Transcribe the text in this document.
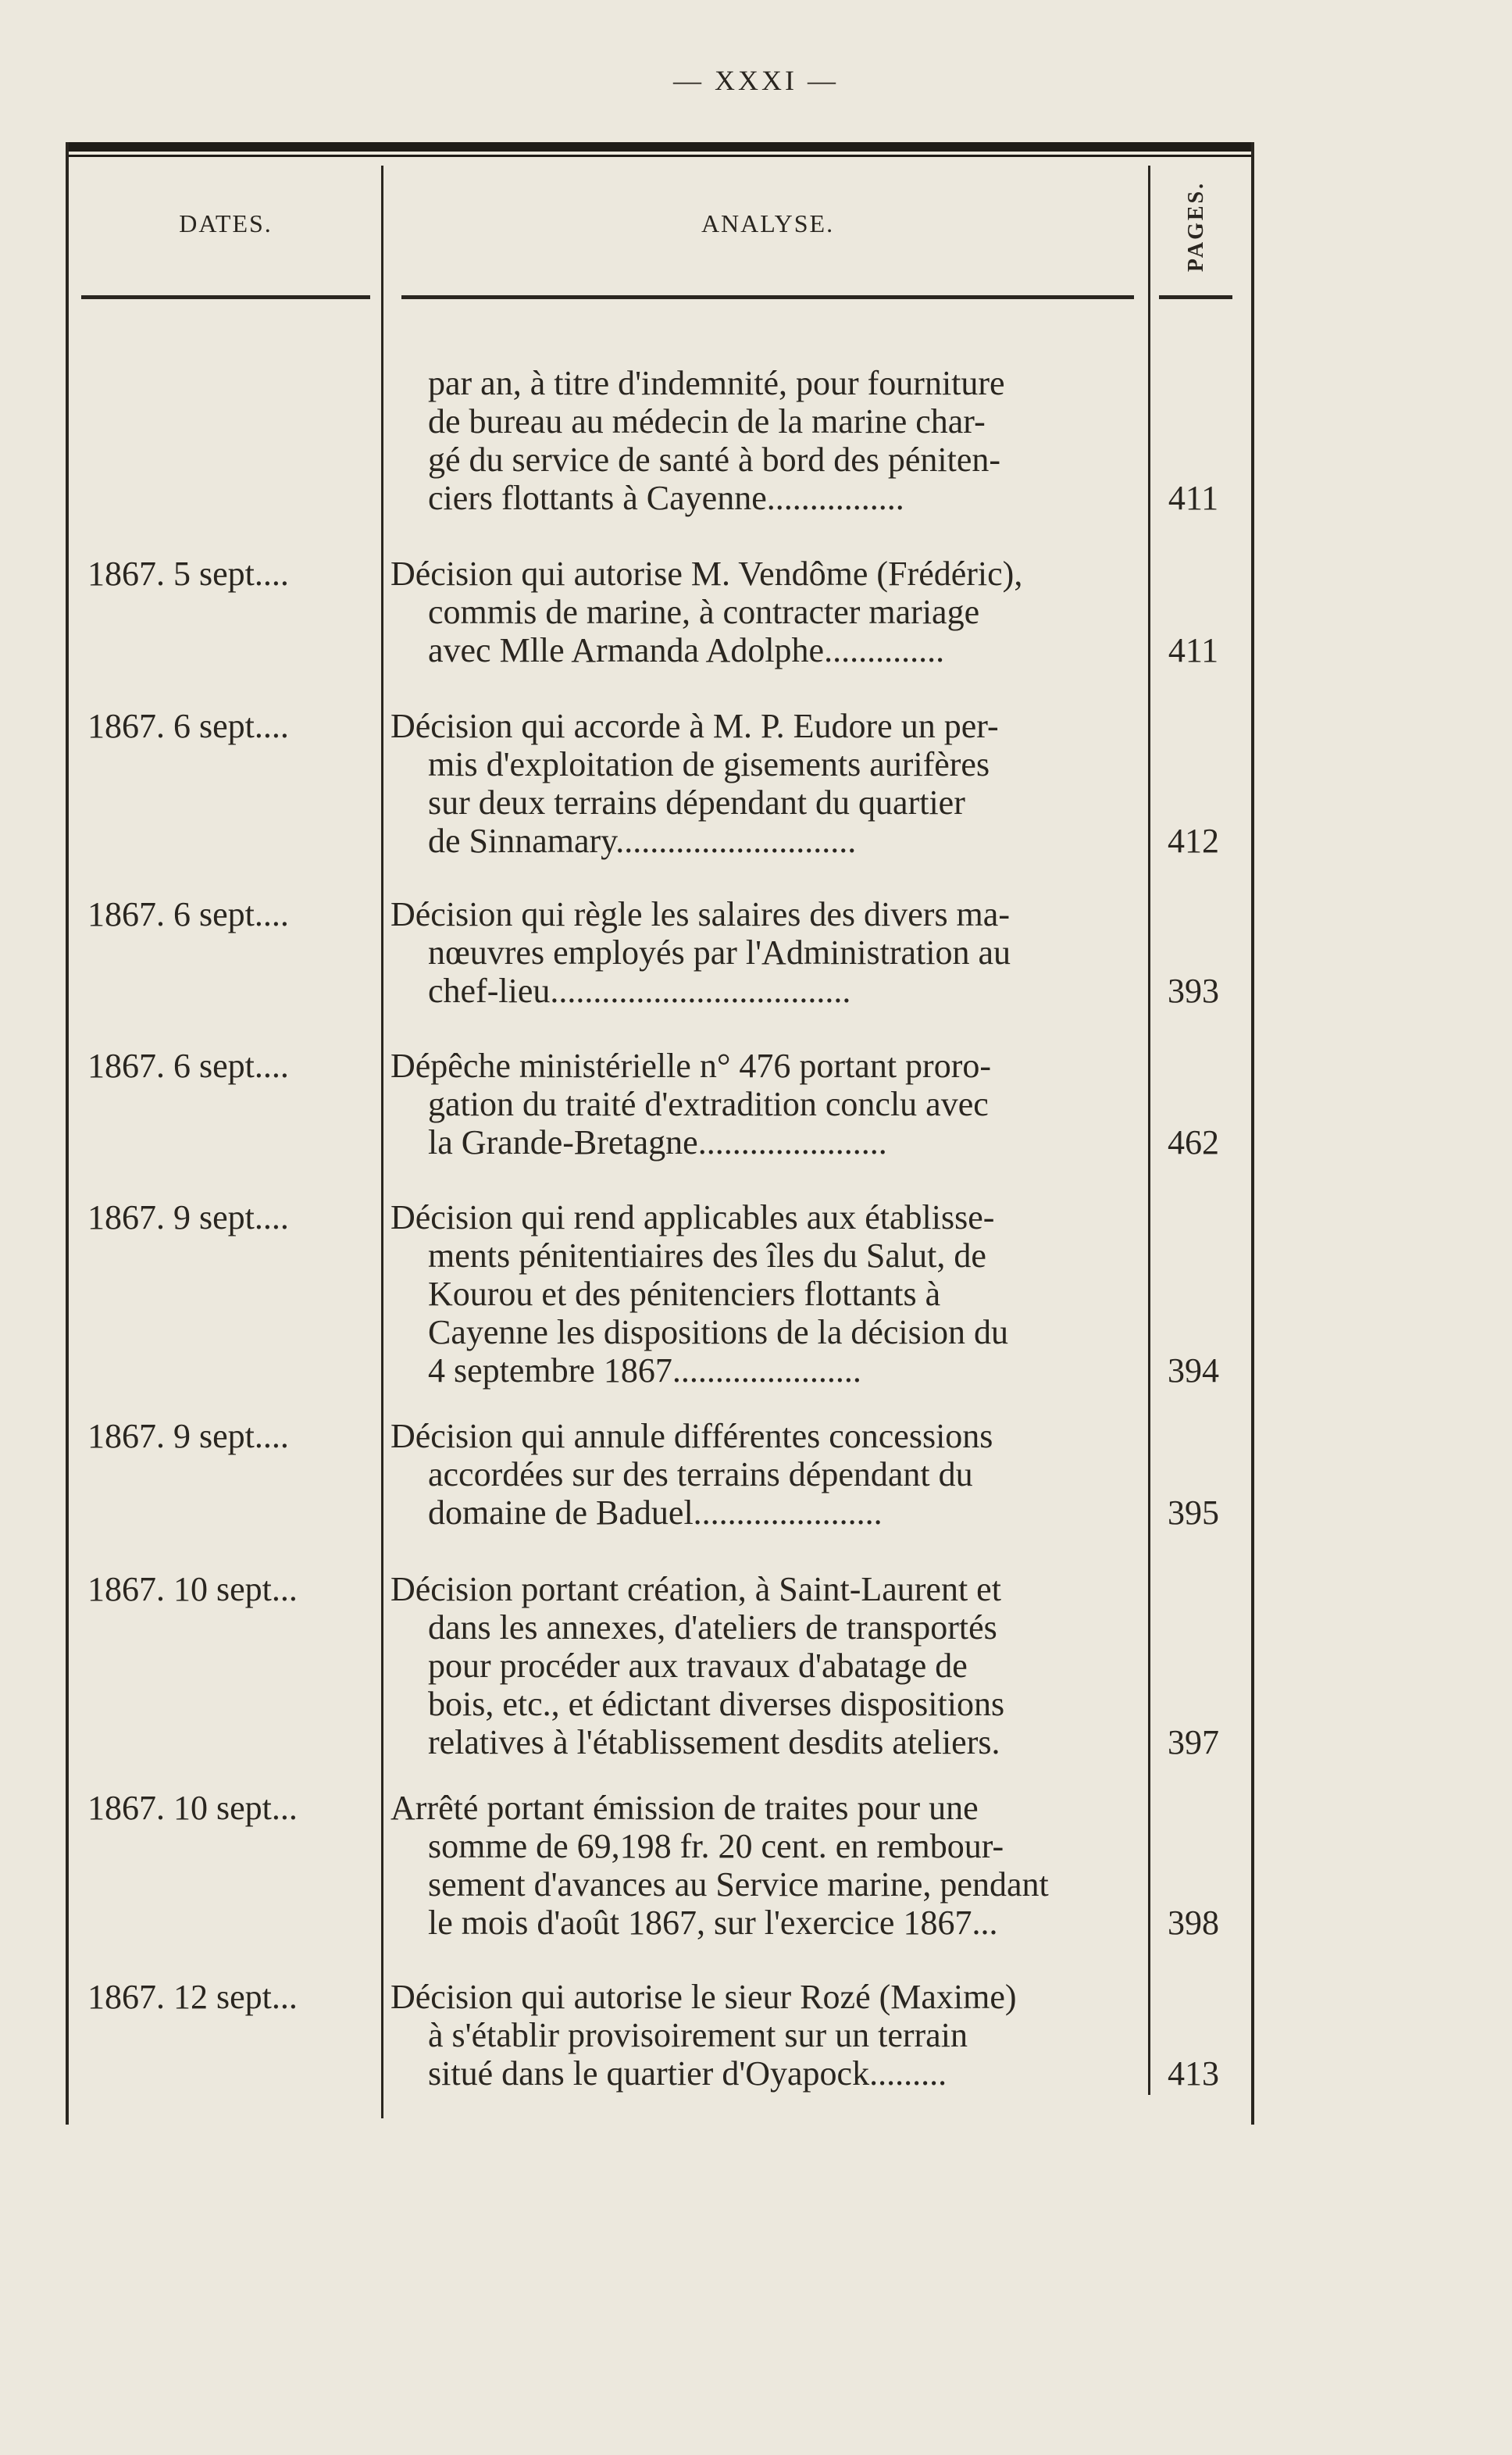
— XXXI —
DATES.	ANALYSE.	PAGES.
par an, à titre d'indemnité, pour fourniture
de bureau au médecin de la marine char-
gé du service de santé à bord des péniten-
ciers flottants à Cayenne................	411
1867. 5 sept....	Décision qui autorise M. Vendôme (Frédéric),
commis de marine, à contracter mariage
avec Mlle Armanda Adolphe..............	411
1867. 6 sept....	Décision qui accorde à M. P. Eudore un per-
mis d'exploitation de gisements aurifères
sur deux terrains dépendant du quartier
de Sinnamary............................	412
1867. 6 sept....	Décision qui règle les salaires des divers ma-
nœuvres employés par l'Administration au
chef-lieu...................................	393
1867. 6 sept....	Dépêche ministérielle n° 476 portant proro-
gation du traité d'extradition conclu avec
la Grande-Bretagne......................	462
1867. 9 sept....	Décision qui rend applicables aux établisse-
ments pénitentiaires des îles du Salut, de
Kourou et des pénitenciers flottants à
Cayenne les dispositions de la décision du
4 septembre 1867......................	394
1867. 9 sept....	Décision qui annule différentes concessions
accordées sur des terrains dépendant du
domaine de Baduel......................	395
1867. 10 sept...	Décision portant création, à Saint-Laurent et
dans les annexes, d'ateliers de transportés
pour procéder aux travaux d'abatage de
bois, etc., et édictant diverses dispositions
relatives à l'établissement desdits ateliers.	397
1867. 10 sept...	Arrêté portant émission de traites pour une
somme de 69,198 fr. 20 cent. en rembour-
sement d'avances au Service marine, pendant
le mois d'août 1867, sur l'exercice 1867...	398
1867. 12 sept...	Décision qui autorise le sieur Rozé (Maxime)
à s'établir provisoirement sur un terrain
situé dans le quartier d'Oyapock.........	413
